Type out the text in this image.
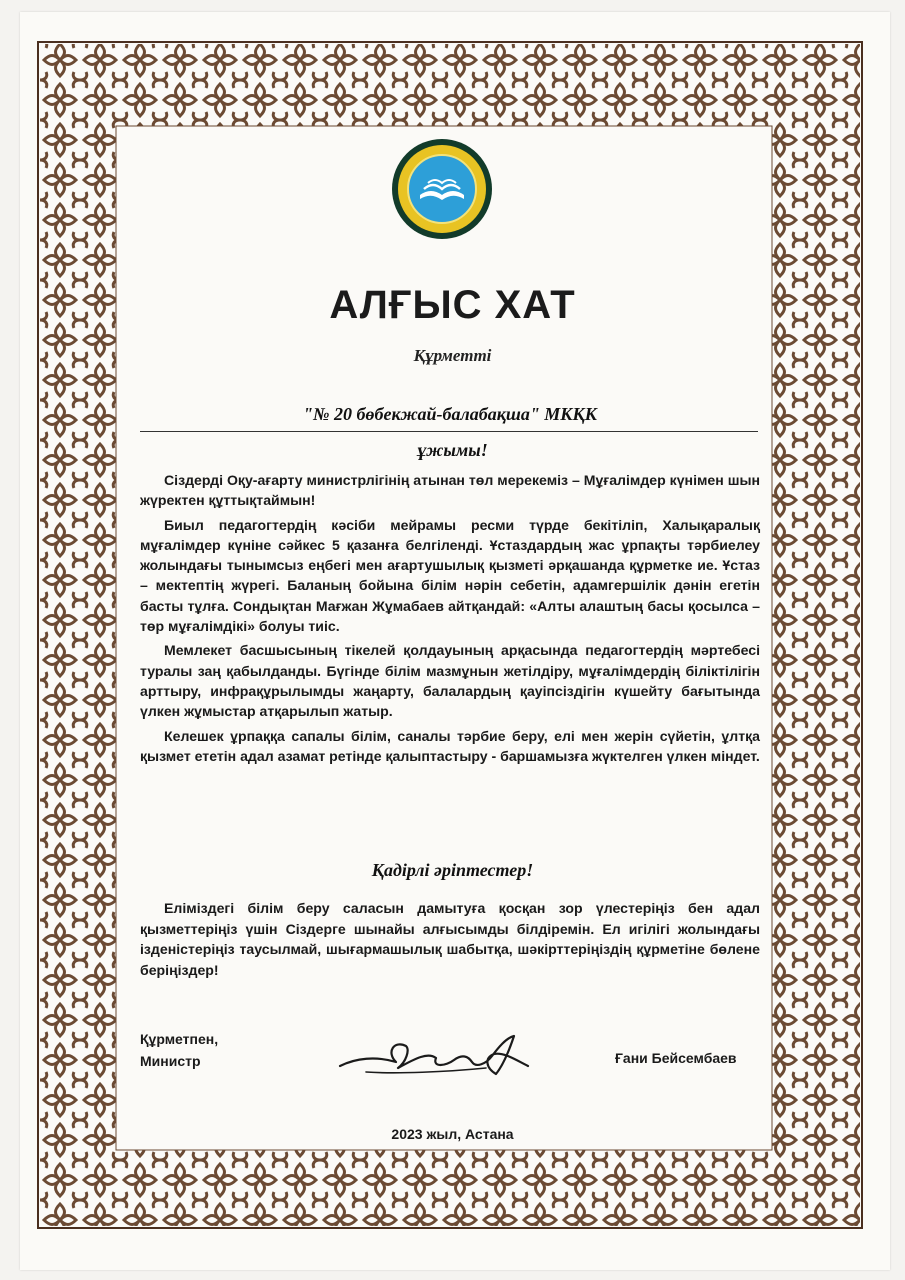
АЛҒЫС ХАТ
Құрметті
"№ 20 бөбекжай-балабақша" МКҚК
ұжымы!

Сіздерді Оқу-ағарту министрлігінің атынан төл мерекеміз – Мұғалімдер күнімен шын жүректен құттықтаймын!

Биыл педагогтердің кәсіби мейрамы ресми түрде бекітіліп, Халықаралық мұғалімдер күніне сәйкес 5 қазанға белгіленді. Ұстаздардың жас ұрпақты тәрбиелеу жолындағы тынымсыз еңбегі мен ағартушылық қызметі әрқашанда құрметке ие. Ұстаз – мектептің жүрегі. Баланың бойына білім нәрін себетін, адамгершілік дәнін егетін басты тұлға. Сондықтан Мағжан Жұмабаев айтқандай: «Алты алаштың басы қосылса – төр мұғалімдікі» болуы тиіс.

Мемлекет басшысының тікелей қолдауының арқасында педагогтердің мәртебесі туралы заң қабылданды. Бүгінде білім мазмұнын жетілдіру, мұғалімдердің біліктілігін арттыру, инфрақұрылымды жаңарту, балалардың қауіпсіздігін күшейту бағытында үлкен жұмыстар атқарылып жатыр.

Келешек ұрпаққа сапалы білім, саналы тәрбие беру, елі мен жерін сүйетін, ұлтқа қызмет ететін адал азамат ретінде қалыптастыру - баршамызға жүктелген үлкен міндет.

Қадірлі әріптестер!

Еліміздегі білім беру саласын дамытуға қосқан зор үлестеріңіз бен адал қызметтеріңіз үшін Сіздерге шынайы алғысымды білдіремін. Ел игілігі жолындағы ізденістеріңіз таусылмай, шығармашылық шабытқа, шәкірттеріңіздің құрметіне бөлене беріңіздер!

Құрметпен,
Министр	Ғани Бейсембаев
2023 жыл, Астана
